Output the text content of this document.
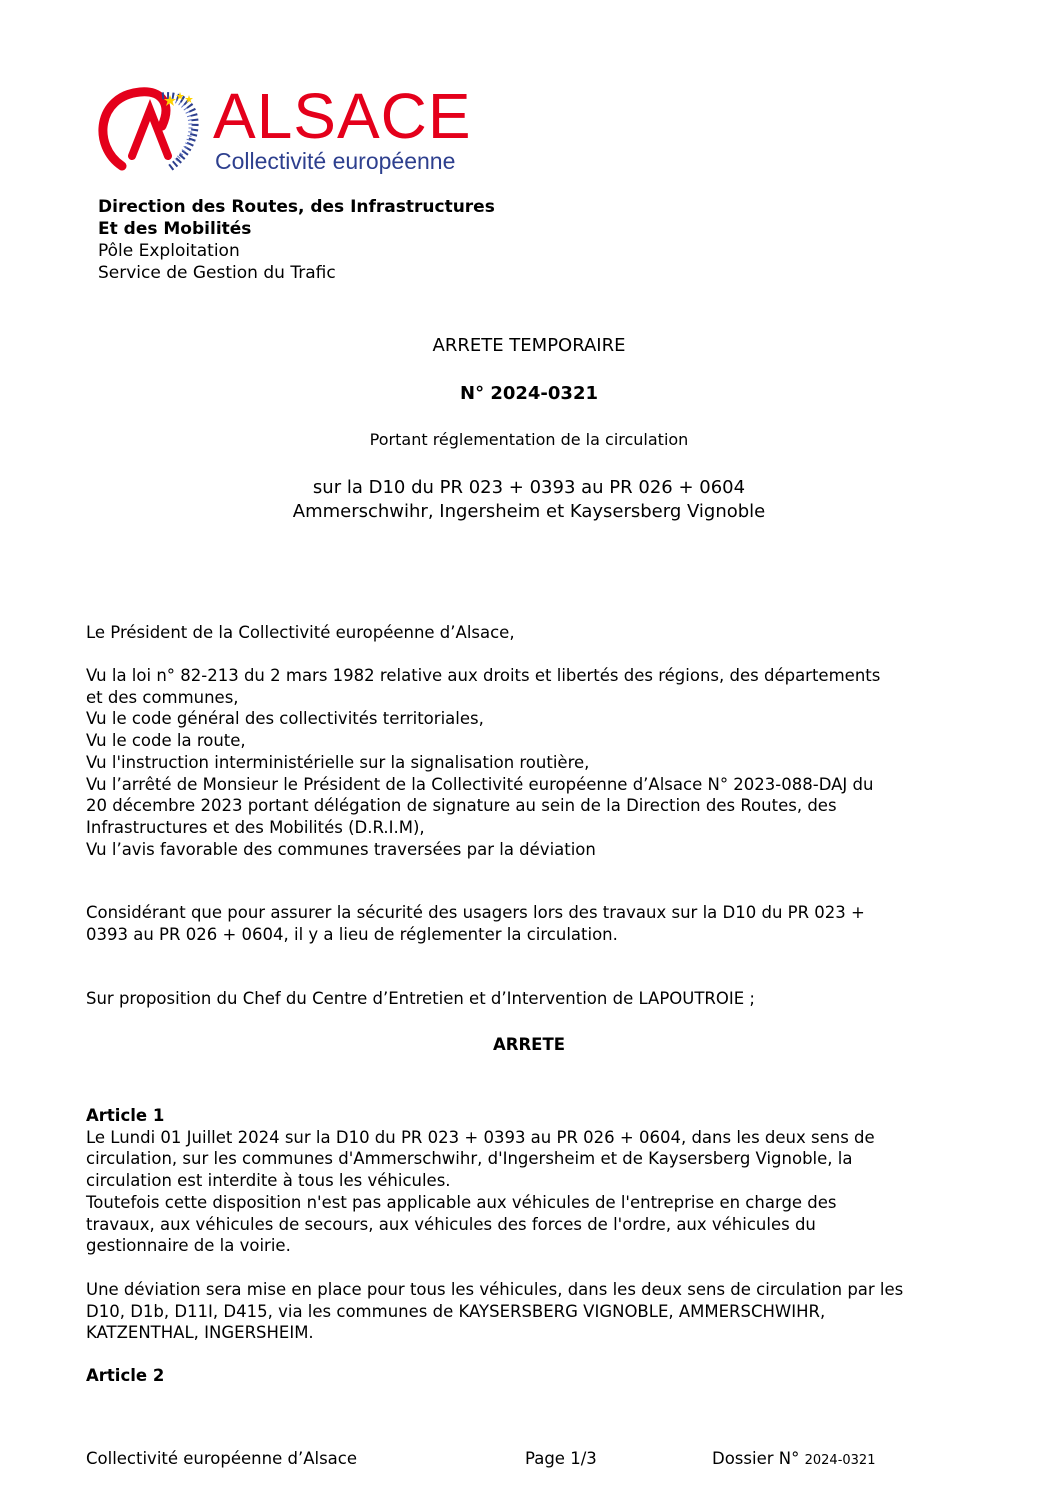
ALSACE
Collectivité européenne
Direction des Routes, des Infrastructures
Et des Mobilités
Pôle Exploitation
Service de Gestion du Trafic
ARRETE TEMPORAIRE
N° 2024-0321
Portant réglementation de la circulation
sur la D10 du PR 023 + 0393 au PR 026 + 0604
Ammerschwihr, Ingersheim et Kaysersberg Vignoble
Le Président de la Collectivité européenne d’Alsace,
Vu la loi n° 82-213 du 2 mars 1982 relative aux droits et libertés des régions, des départements
et des communes,
Vu le code général des collectivités territoriales,
Vu le code la route,
Vu l'instruction interministérielle sur la signalisation routière,
Vu l’arrêté de Monsieur le Président de la Collectivité européenne d’Alsace N° 2023-088-DAJ du
20 décembre 2023 portant délégation de signature au sein de la Direction des Routes, des
Infrastructures et des Mobilités (D.R.I.M),
Vu l’avis favorable des communes traversées par la déviation
Considérant que pour assurer la sécurité des usagers lors des travaux sur la D10 du PR 023 +
0393 au PR 026 + 0604, il y a lieu de réglementer la circulation.
Sur proposition du Chef du Centre d’Entretien et d’Intervention de LAPOUTROIE ;
ARRETE
Article 1
Le Lundi 01 Juillet 2024 sur la D10 du PR 023 + 0393 au PR 026 + 0604, dans les deux sens de
circulation, sur les communes d'Ammerschwihr, d'Ingersheim et de Kaysersberg Vignoble, la
circulation est interdite à tous les véhicules.
Toutefois cette disposition n'est pas applicable aux véhicules de l'entreprise en charge des
travaux, aux véhicules de secours, aux véhicules des forces de l'ordre, aux véhicules du
gestionnaire de la voirie.
Une déviation sera mise en place pour tous les véhicules, dans les deux sens de circulation par les
D10, D1b, D11I, D415, via les communes de KAYSERSBERG VIGNOBLE, AMMERSCHWIHR,
KATZENTHAL, INGERSHEIM.
Article 2
Collectivité européenne d’Alsace	Page 1/3	Dossier N° 2024-0321
